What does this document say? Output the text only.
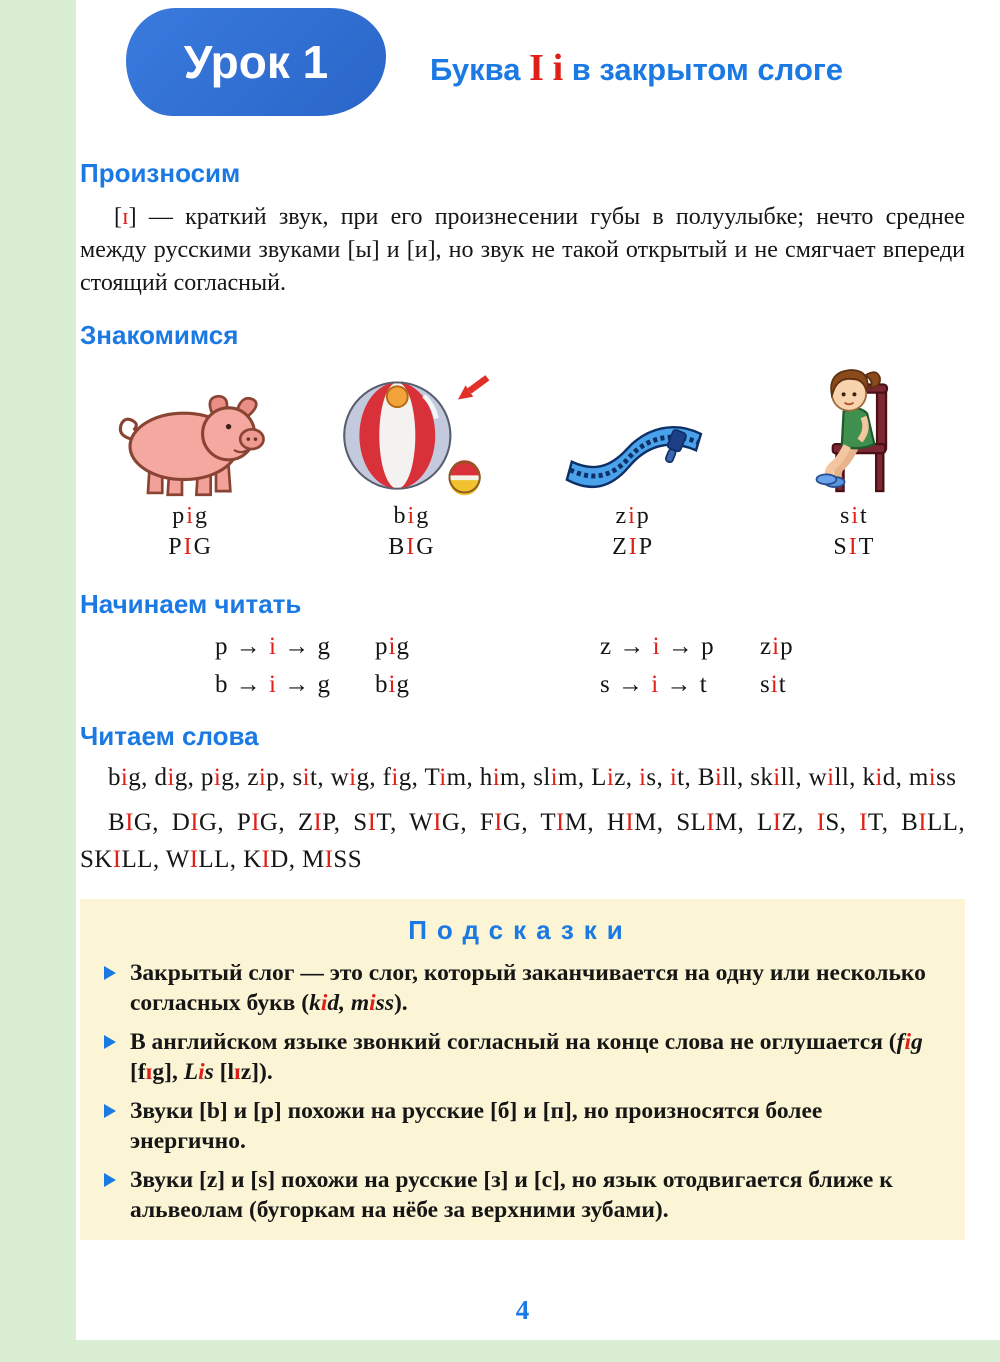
Урок 1	Буква I i в закрытом слоге
Произносим

[ɪ] — краткий звук, при его произнесении губы в полуулыбке; нечто среднее между русскими звуками [ы] и [и], но звук не такой открытый и не смягчает впереди стоящий согласный.

Знакомимся
pig
PIG
big
BIG
zip
ZIP
sit
SIT
Начинаем читать
p → i → g	pig	z → i → p	zip
b → i → g	big	s → i → t	sit
Читаем слова

big, dig, pig, zip, sit, wig, fig, Tim, him, slim, Liz, is, it, Bill, skill, will, kid, miss

BIG, DIG, PIG, ZIP, SIT, WIG, FIG, TIM, HIM, SLIM, LIZ, IS, IT, BILL, SKILL, WILL, KID, MISS

Подсказки
Закрытый слог — это слог, который заканчивается на одну или несколько согласных букв (kid, miss).
В английском языке звонкий согласный на конце слова не оглушается (fig [fɪg], Lis [lɪz]).
Звуки [b] и [p] похожи на русские [б] и [п], но произносятся более энергично.
Звуки [z] и [s] похожи на русские [з] и [с], но язык отодвигается ближе к альвеолам (бугоркам на нёбе за верхними зубами).
4
